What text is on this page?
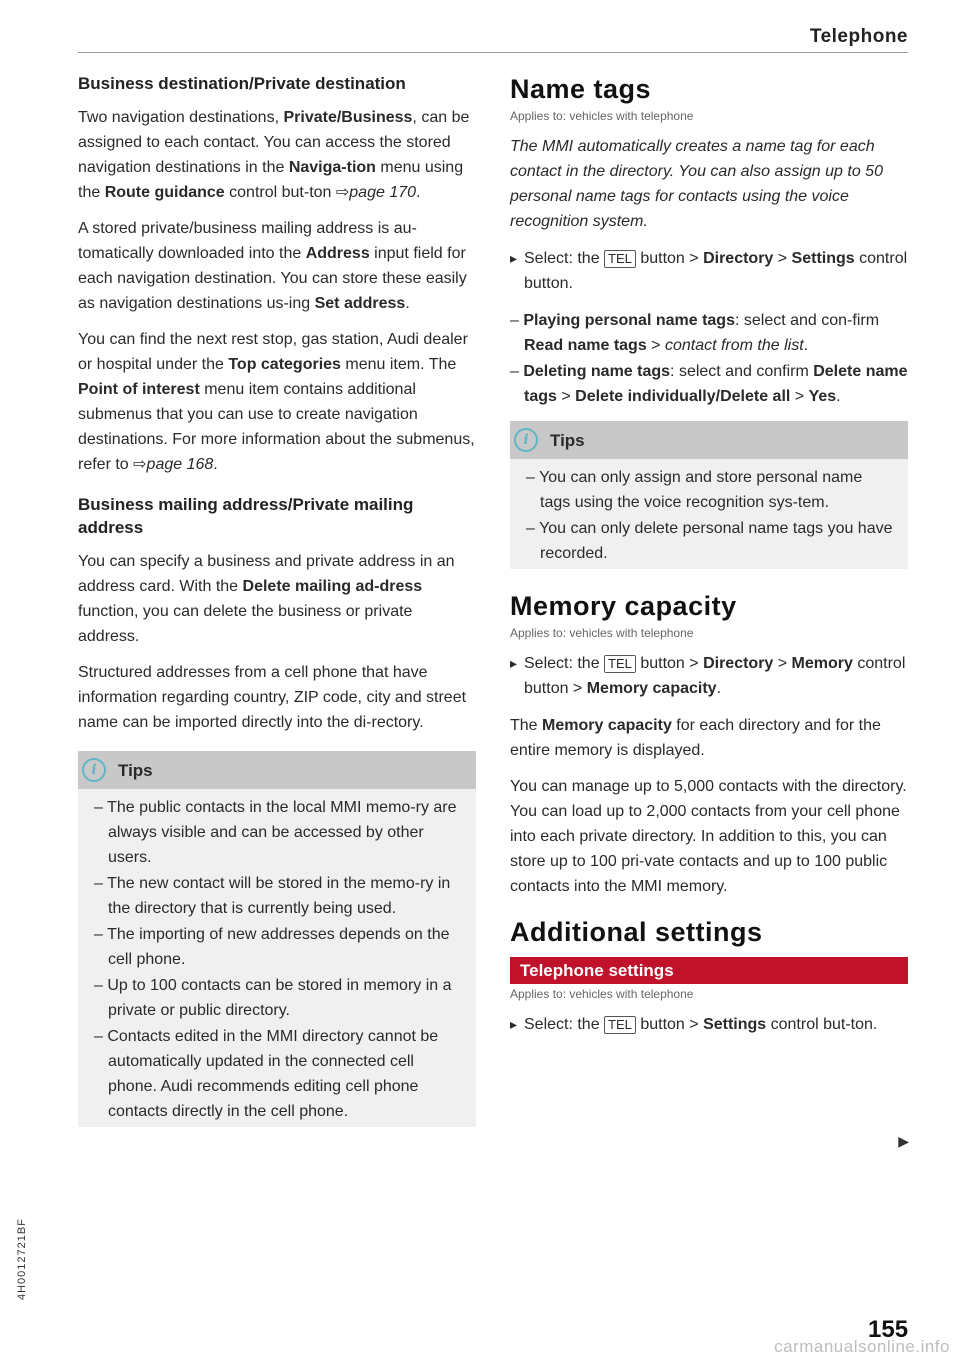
Telephone
Business destination/Private destination

Two navigation destinations, Private/Business, can be assigned to each contact. You can access the stored navigation destinations in the Naviga-tion menu using the Route guidance control but-ton ⇨page 170.

A stored private/business mailing address is au-tomatically downloaded into the Address input field for each navigation destination. You can store these easily as navigation destinations us-ing Set address.

You can find the next rest stop, gas station, Audi dealer or hospital under the Top categories menu item. The Point of interest menu item contains additional submenus that you can use to create navigation destinations. For more information about the submenus, refer to ⇨page 168.

Business mailing address/Private mailing address

You can specify a business and private address in an address card. With the Delete mailing ad-dress function, you can delete the business or private address.

Structured addresses from a cell phone that have information regarding country, ZIP code, city and street name can be imported directly into the di-rectory.

i	Tips
– The public contacts in the local MMI memo-ry are always visible and can be accessed by other users.
– The new contact will be stored in the memo-ry in the directory that is currently being used.
– The importing of new addresses depends on the cell phone.
– Up to 100 contacts can be stored in memory in a private or public directory.
– Contacts edited in the MMI directory cannot be automatically updated in the connected cell phone. Audi recommends editing cell phone contacts directly in the cell phone.
Name tags
Applies to: vehicles with telephone

The MMI automatically creates a name tag for each contact in the directory. You can also assign up to 50 personal name tags for contacts using the voice recognition system.

▸ Select: the TEL button > Directory > Settings control button.

– Playing personal name tags: select and con-firm Read name tags > contact from the list.
– Deleting name tags: select and confirm Delete name tags > Delete individually/Delete all > Yes.
i	Tips
– You can only assign and store personal name tags using the voice recognition sys-tem.
– You can only delete personal name tags you have recorded.
Memory capacity
Applies to: vehicles with telephone

▸ Select: the TEL button > Directory > Memory control button > Memory capacity.

The Memory capacity for each directory and for the entire memory is displayed.

You can manage up to 5,000 contacts with the directory. You can load up to 2,000 contacts from your cell phone into each private directory. In addition to this, you can store up to 100 pri-vate contacts and up to 100 public contacts into the MMI memory.

Additional settings
Telephone settings
Applies to: vehicles with telephone

▸ Select: the TEL button > Settings control but-ton.

▶
155
4H0012721BF
carmanualsonline.info
